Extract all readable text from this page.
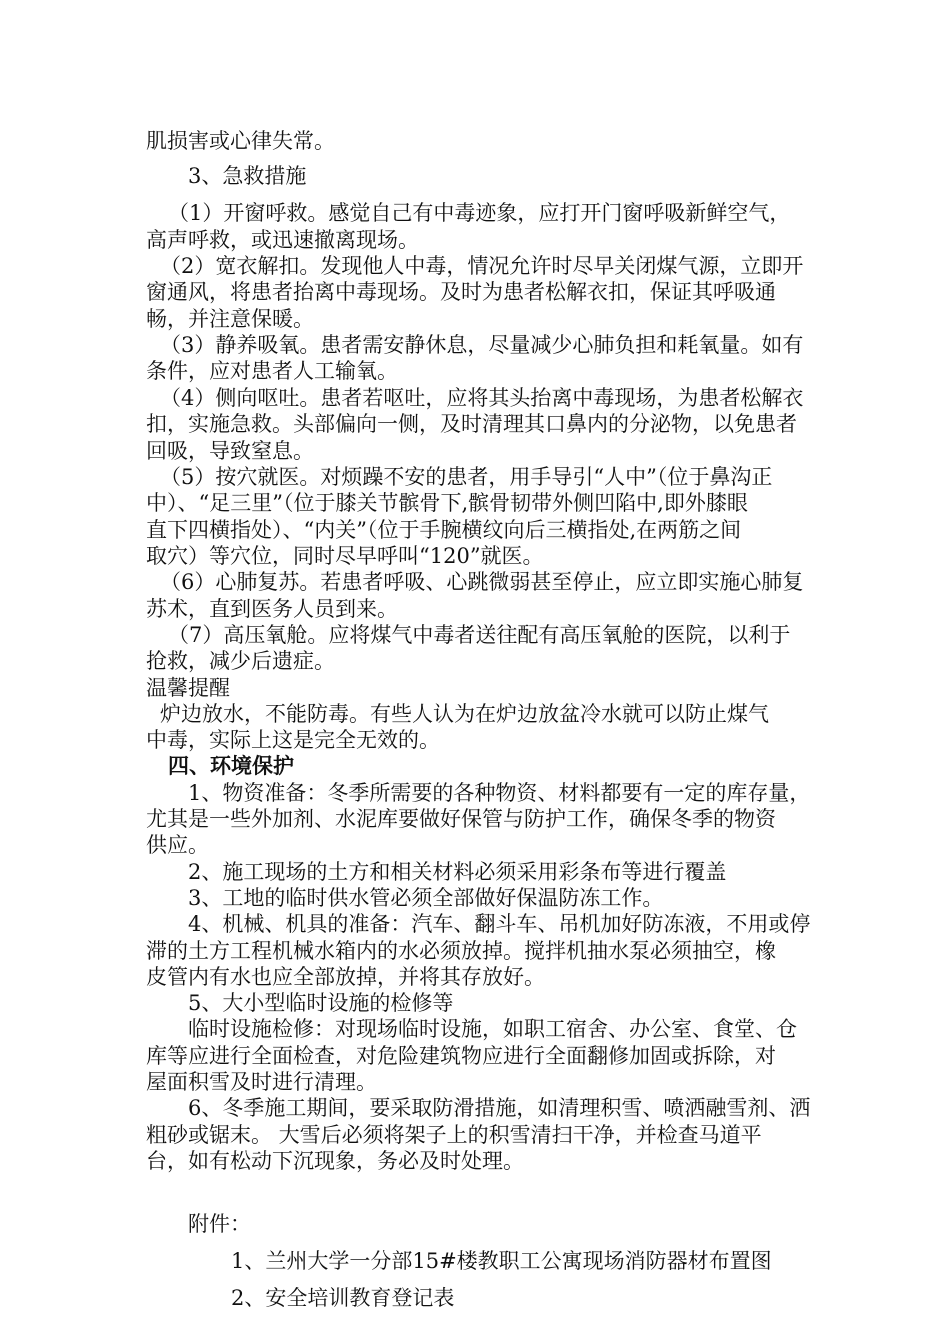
肌损害或心律失常。
3、急救措施
（1）开窗呼救。感觉自己有中毒迹象，应打开门窗呼吸新鲜空气，
高声呼救，或迅速撤离现场。
（2）宽衣解扣。发现他人中毒，情况允许时尽早关闭煤气源，立即开
窗通风，将患者抬离中毒现场。及时为患者松解衣扣，保证其呼吸通
畅，并注意保暖。
（3）静养吸氧。患者需安静休息，尽量减少心肺负担和耗氧量。如有
条件，应对患者人工输氧。
（4）侧向呕吐。患者若呕吐，应将其头抬离中毒现场，为患者松解衣
扣，实施急救。头部偏向一侧，及时清理其口鼻内的分泌物，以免患者
回吸，导致窒息。
（5）按穴就医。对烦躁不安的患者，用手导引“人中”（位于鼻沟正
中）、“足三里”（位于膝关节髌骨下,髌骨韧带外侧凹陷中,即外膝眼
直下四横指处）、“内关”（位于手腕横纹向后三横指处,在两筋之间
取穴）等穴位，同时尽早呼叫“120”就医。
（6）心肺复苏。若患者呼吸、心跳微弱甚至停止，应立即实施心肺复
苏术，直到医务人员到来。
（7）高压氧舱。应将煤气中毒者送往配有高压氧舱的医院，以利于
抢救，减少后遗症。
温馨提醒
炉边放水，不能防毒。有些人认为在炉边放盆冷水就可以防止煤气
中毒，实际上这是完全无效的。
四、环境保护
1、物资准备：冬季所需要的各种物资、材料都要有一定的库存量，
尤其是一些外加剂、水泥库要做好保管与防护工作，确保冬季的物资
供应。
2、施工现场的土方和相关材料必须采用彩条布等进行覆盖
3、工地的临时供水管必须全部做好保温防冻工作。
4、机械、机具的准备：汽车、翻斗车、吊机加好防冻液，不用或停
滞的土方工程机械水箱内的水必须放掉。搅拌机抽水泵必须抽空，橡
皮管内有水也应全部放掉，并将其存放好。
5、大小型临时设施的检修等
临时设施检修：对现场临时设施，如职工宿舍、办公室、食堂、仓
库等应进行全面检查，对危险建筑物应进行全面翻修加固或拆除，对
屋面积雪及时进行清理。
6、冬季施工期间，要采取防滑措施，如清理积雪、喷洒融雪剂、洒
粗砂或锯末。 大雪后必须将架子上的积雪清扫干净，并检查马道平
台，如有松动下沉现象，务必及时处理。
附件：
1、兰州大学一分部15#楼教职工公寓现场消防器材布置图
2、安全培训教育登记表
